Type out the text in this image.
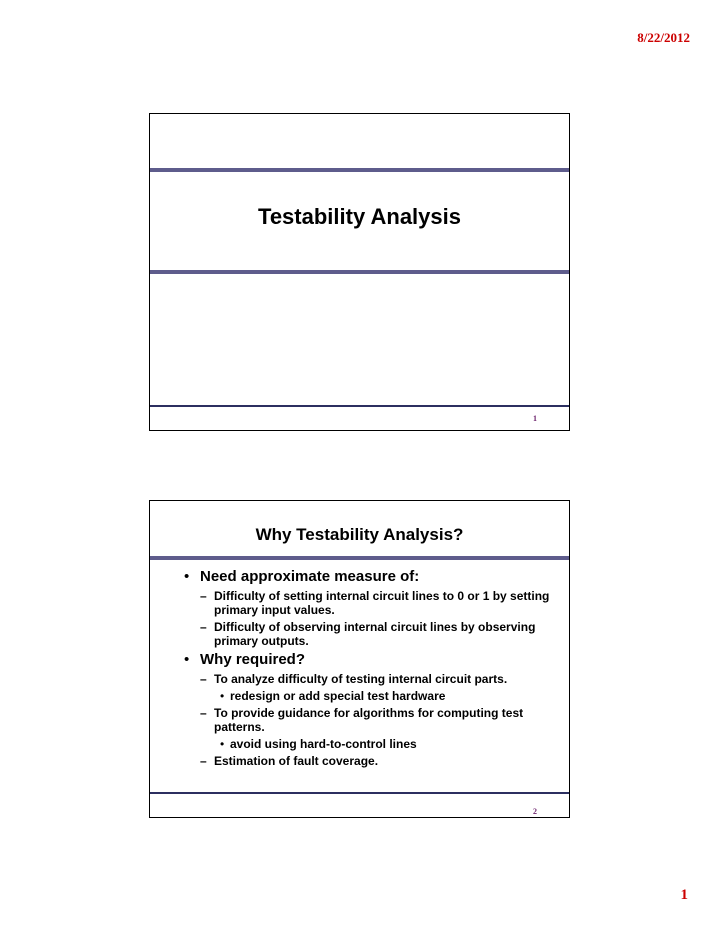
8/22/2012
Testability Analysis
1
Why Testability Analysis?
• Need approximate measure of:
– Difficulty of setting internal circuit lines to 0 or 1 by setting primary input values.
– Difficulty of observing internal circuit lines by observing primary outputs.
• Why required?
– To analyze difficulty of testing internal circuit parts.
• redesign or add special test hardware
– To provide guidance for algorithms for computing test patterns.
• avoid using hard-to-control lines
– Estimation of fault coverage.
2
1
